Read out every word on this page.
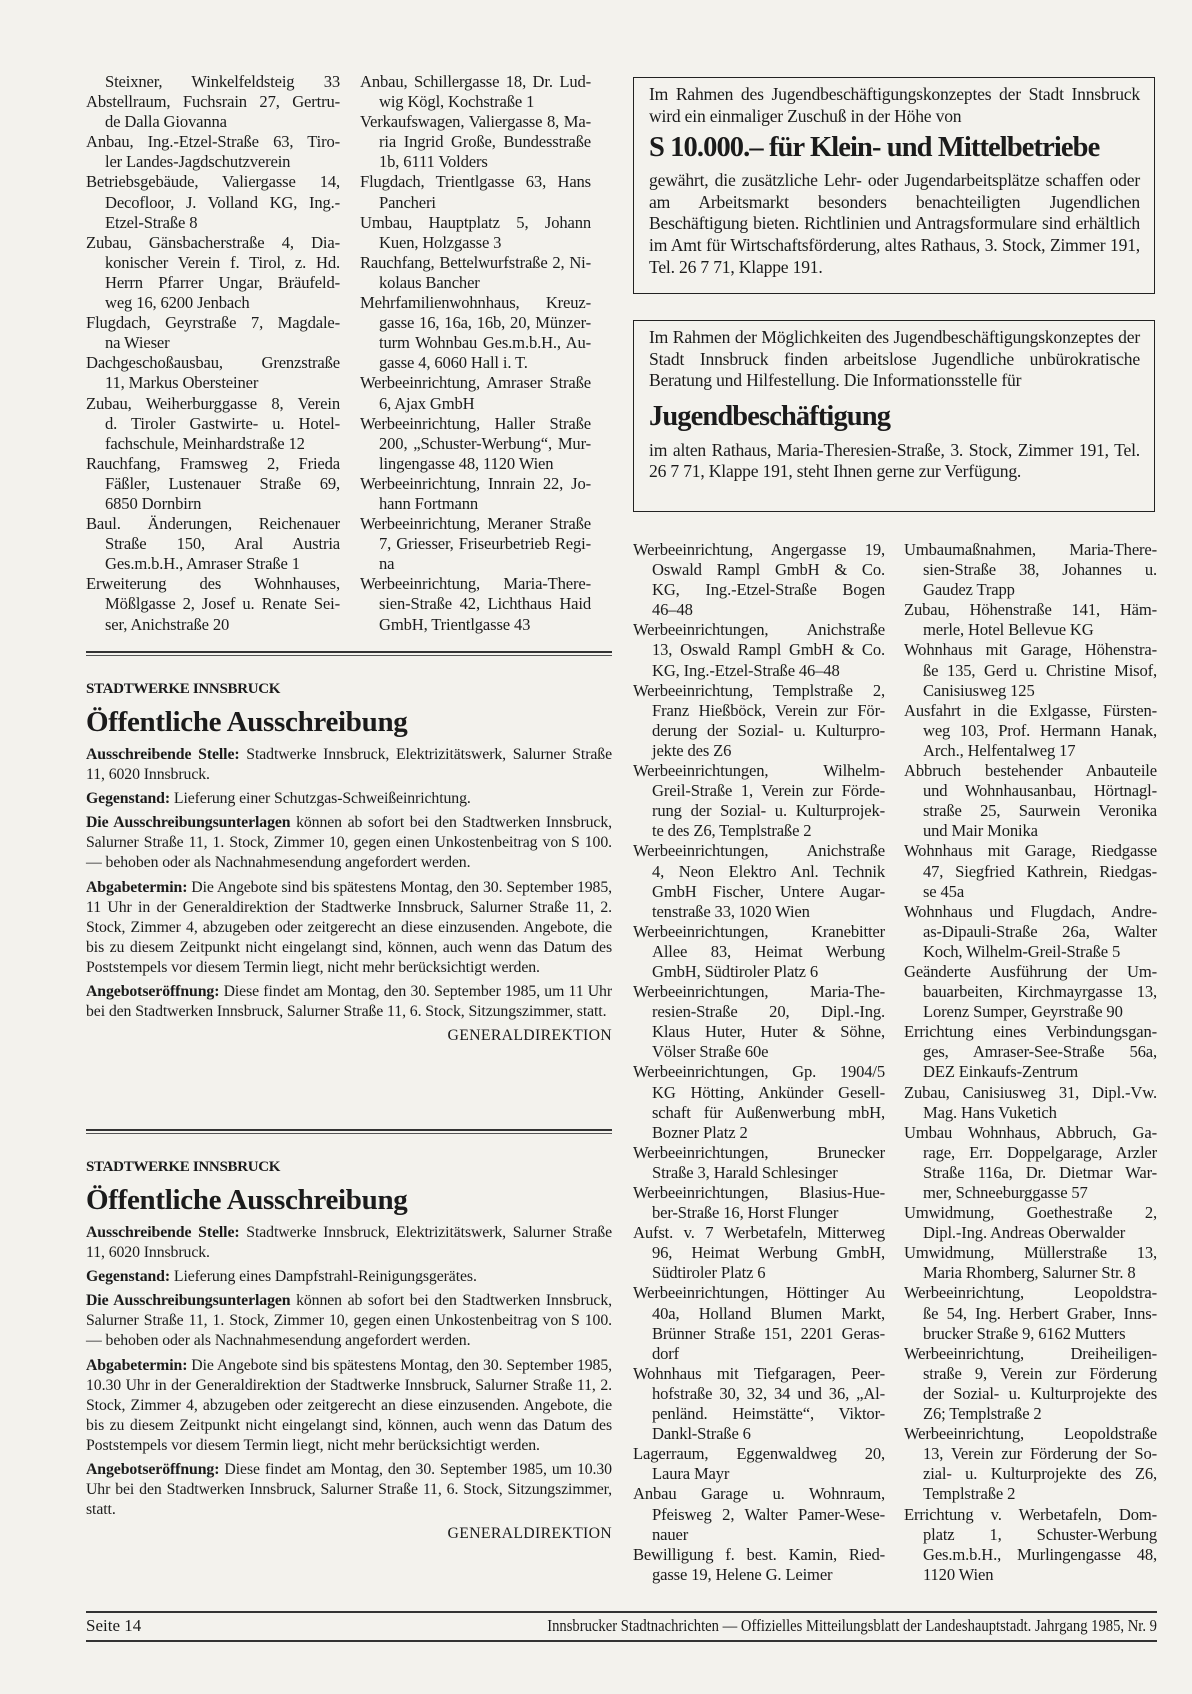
Steixner, Winkelfeldsteig 33
Abstellraum, Fuchsrain 27, Gertru-
de Dalla Giovanna
Anbau, Ing.-Etzel-Straße 63, Tiro-
ler Landes-Jagdschutzverein
Betriebsgebäude, Valiergasse 14,
Decofloor, J. Volland KG, Ing.-
Etzel-Straße 8
Zubau, Gänsbacherstraße 4, Dia-
konischer Verein f. Tirol, z. Hd.
Herrn Pfarrer Ungar, Bräufeld-
weg 16, 6200 Jenbach
Flugdach, Geyrstraße 7, Magdale-
na Wieser
Dachgeschoßausbau, Grenzstraße
11, Markus Obersteiner
Zubau, Weiherburggasse 8, Verein
d. Tiroler Gastwirte- u. Hotel-
fachschule, Meinhardstraße 12
Rauchfang, Framsweg 2, Frieda
Fäßler, Lustenauer Straße 69,
6850 Dornbirn
Baul. Änderungen, Reichenauer
Straße 150, Aral Austria
Ges.m.b.H., Amraser Straße 1
Erweiterung des Wohnhauses,
Mößlgasse 2, Josef u. Renate Sei-
ser, Anichstraße 20
Anbau, Schillergasse 18, Dr. Lud-
wig Kögl, Kochstraße 1
Verkaufswagen, Valiergasse 8, Ma-
ria Ingrid Große, Bundesstraße
1b, 6111 Volders
Flugdach, Trientlgasse 63, Hans
Pancheri
Umbau, Hauptplatz 5, Johann
Kuen, Holzgasse 3
Rauchfang, Bettelwurfstraße 2, Ni-
kolaus Bancher
Mehrfamilienwohnhaus, Kreuz-
gasse 16, 16a, 16b, 20, Münzer-
turm Wohnbau Ges.m.b.H., Au-
gasse 4, 6060 Hall i. T.
Werbeeinrichtung, Amraser Straße
6, Ajax GmbH
Werbeeinrichtung, Haller Straße
200, „Schuster-Werbung“, Mur-
lingengasse 48, 1120 Wien
Werbeeinrichtung, Innrain 22, Jo-
hann Fortmann
Werbeeinrichtung, Meraner Straße
7, Griesser, Friseurbetrieb Regi-
na
Werbeeinrichtung, Maria-There-
sien-Straße 42, Lichthaus Haid
GmbH, Trientlgasse 43
Werbeeinrichtung, Angergasse 19,
Oswald Rampl GmbH & Co.
KG, Ing.-Etzel-Straße Bogen
46–48
Werbeeinrichtungen, Anichstraße
13, Oswald Rampl GmbH & Co.
KG, Ing.-Etzel-Straße 46–48
Werbeeinrichtung, Templstraße 2,
Franz Hießböck, Verein zur För-
derung der Sozial- u. Kulturpro-
jekte des Z6
Werbeeinrichtungen, Wilhelm-
Greil-Straße 1, Verein zur Förde-
rung der Sozial- u. Kulturprojek-
te des Z6, Templstraße 2
Werbeeinrichtungen, Anichstraße
4, Neon Elektro Anl. Technik
GmbH Fischer, Untere Augar-
tenstraße 33, 1020 Wien
Werbeeinrichtungen, Kranebitter
Allee 83, Heimat Werbung
GmbH, Südtiroler Platz 6
Werbeeinrichtungen, Maria-The-
resien-Straße 20, Dipl.-Ing.
Klaus Huter, Huter & Söhne,
Völser Straße 60e
Werbeeinrichtungen, Gp. 1904/5
KG Hötting, Ankünder Gesell-
schaft für Außenwerbung mbH,
Bozner Platz 2
Werbeeinrichtungen, Brunecker
Straße 3, Harald Schlesinger
Werbeeinrichtungen, Blasius-Hue-
ber-Straße 16, Horst Flunger
Aufst. v. 7 Werbetafeln, Mitterweg
96, Heimat Werbung GmbH,
Südtiroler Platz 6
Werbeeinrichtungen, Höttinger Au
40a, Holland Blumen Markt,
Brünner Straße 151, 2201 Geras-
dorf
Wohnhaus mit Tiefgaragen, Peer-
hofstraße 30, 32, 34 und 36, „Al-
penländ. Heimstätte“, Viktor-
Dankl-Straße 6
Lagerraum, Eggenwaldweg 20,
Laura Mayr
Anbau Garage u. Wohnraum,
Pfeisweg 2, Walter Pamer-Wese-
nauer
Bewilligung f. best. Kamin, Ried-
gasse 19, Helene G. Leimer
Umbaumaßnahmen, Maria-There-
sien-Straße 38, Johannes u.
Gaudez Trapp
Zubau, Höhenstraße 141, Häm-
merle, Hotel Bellevue KG
Wohnhaus mit Garage, Höhenstra-
ße 135, Gerd u. Christine Misof,
Canisiusweg 125
Ausfahrt in die Exlgasse, Fürsten-
weg 103, Prof. Hermann Hanak,
Arch., Helfentalweg 17
Abbruch bestehender Anbauteile
und Wohnhausanbau, Hörtnagl-
straße 25, Saurwein Veronika
und Mair Monika
Wohnhaus mit Garage, Riedgasse
47, Siegfried Kathrein, Riedgas-
se 45a
Wohnhaus und Flugdach, Andre-
as-Dipauli-Straße 26a, Walter
Koch, Wilhelm-Greil-Straße 5
Geänderte Ausführung der Um-
bauarbeiten, Kirchmayrgasse 13,
Lorenz Sumper, Geyrstraße 90
Errichtung eines Verbindungsgan-
ges, Amraser-See-Straße 56a,
DEZ Einkaufs-Zentrum
Zubau, Canisiusweg 31, Dipl.-Vw.
Mag. Hans Vuketich
Umbau Wohnhaus, Abbruch, Ga-
rage, Err. Doppelgarage, Arzler
Straße 116a, Dr. Dietmar War-
mer, Schneeburggasse 57
Umwidmung, Goethestraße 2,
Dipl.-Ing. Andreas Oberwalder
Umwidmung, Müllerstraße 13,
Maria Rhomberg, Salurner Str. 8
Werbeeinrichtung, Leopoldstra-
ße 54, Ing. Herbert Graber, Inns-
brucker Straße 9, 6162 Mutters
Werbeeinrichtung, Dreiheiligen-
straße 9, Verein zur Förderung
der Sozial- u. Kulturprojekte des
Z6; Templstraße 2
Werbeeinrichtung, Leopoldstraße
13, Verein zur Förderung der So-
zial- u. Kulturprojekte des Z6,
Templstraße 2
Errichtung v. Werbetafeln, Dom-
platz 1, Schuster-Werbung
Ges.m.b.H., Murlingengasse 48,
1120 Wien

Im Rahmen des Jugendbeschäftigungskonzeptes der Stadt Innsbruck wird ein einmaliger Zuschuß in der Höhe von

S 10.000.– für Klein- und Mittelbetriebe

gewährt, die zusätzliche Lehr- oder Jugendarbeitsplätze schaffen oder am Arbeitsmarkt besonders benachteiligten Jugendlichen Beschäftigung bieten. Richtlinien und Antragsformulare sind erhältlich im Amt für Wirtschaftsförderung, altes Rathaus, 3. Stock, Zimmer 191, Tel. 26 7 71, Klappe 191.

Im Rahmen der Möglichkeiten des Jugendbeschäftigungskonzeptes der Stadt Innsbruck finden arbeitslose Jugendliche unbürokratische Beratung und Hilfestellung. Die Informationsstelle für

Jugendbeschäftigung

im alten Rathaus, Maria-Theresien-Straße, 3. Stock, Zimmer 191, Tel. 26 7 71, Klappe 191, steht Ihnen gerne zur Verfügung.

STADTWERKE INNSBRUCK
Öffentliche Ausschreibung

Ausschreibende Stelle: Stadtwerke Innsbruck, Elektrizitätswerk, Salurner Straße 11, 6020 Innsbruck.

Gegenstand: Lieferung einer Schutzgas-Schweißeinrichtung.

Die Ausschreibungsunterlagen können ab sofort bei den Stadtwerken Innsbruck, Salurner Straße 11, 1. Stock, Zimmer 10, gegen einen Unkostenbeitrag von S 100.— behoben oder als Nachnahmesendung angefordert werden.

Abgabetermin: Die Angebote sind bis spätestens Montag, den 30. September 1985, 11 Uhr in der Generaldirektion der Stadtwerke Innsbruck, Salurner Straße 11, 2. Stock, Zimmer 4, abzugeben oder zeitgerecht an diese einzusenden. Angebote, die bis zu diesem Zeitpunkt nicht eingelangt sind, können, auch wenn das Datum des Poststempels vor diesem Termin liegt, nicht mehr berücksichtigt werden.

Angebotseröffnung: Diese findet am Montag, den 30. September 1985, um 11 Uhr bei den Stadtwerken Innsbruck, Salurner Straße 11, 6. Stock, Sitzungszimmer, statt.

GENERALDIREKTION
STADTWERKE INNSBRUCK
Öffentliche Ausschreibung

Ausschreibende Stelle: Stadtwerke Innsbruck, Elektrizitätswerk, Salurner Straße 11, 6020 Innsbruck.

Gegenstand: Lieferung eines Dampfstrahl-Reinigungsgerätes.

Die Ausschreibungsunterlagen können ab sofort bei den Stadtwerken Innsbruck, Salurner Straße 11, 1. Stock, Zimmer 10, gegen einen Unkostenbeitrag von S 100.— behoben oder als Nachnahmesendung angefordert werden.

Abgabetermin: Die Angebote sind bis spätestens Montag, den 30. September 1985, 10.30 Uhr in der Generaldirektion der Stadtwerke Innsbruck, Salurner Straße 11, 2. Stock, Zimmer 4, abzugeben oder zeitgerecht an diese einzusenden. Angebote, die bis zu diesem Zeitpunkt nicht eingelangt sind, können, auch wenn das Datum des Poststempels vor diesem Termin liegt, nicht mehr berücksichtigt werden.

Angebotseröffnung: Diese findet am Montag, den 30. September 1985, um 10.30 Uhr bei den Stadtwerken Innsbruck, Salurner Straße 11, 6. Stock, Sitzungszimmer, statt.

GENERALDIREKTION
Seite 14	Innsbrucker Stadtnachrichten — Offizielles Mitteilungsblatt der Landeshauptstadt. Jahrgang 1985, Nr. 9
